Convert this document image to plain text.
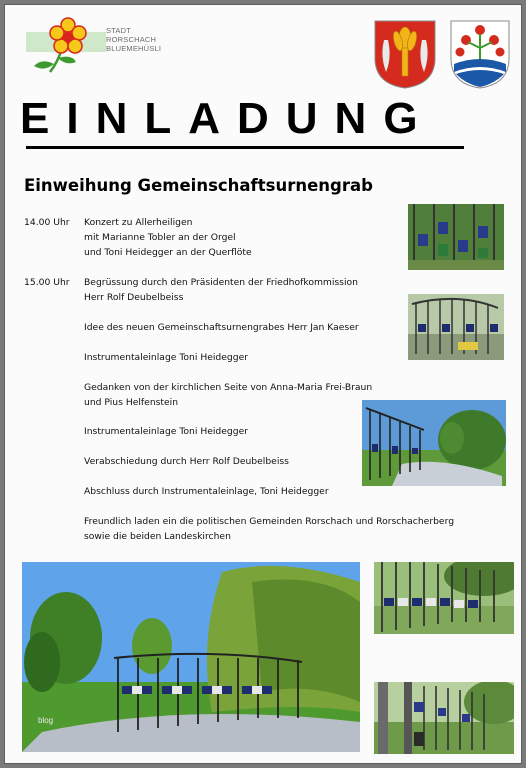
STADT
RORSCHACH
BLUEMEHÜSLI
EINLADUNG
Einweihung Gemeinschaftsurnengrab
14.00 Uhr Konzert zu Allerheiligen
mit Marianne Tobler an der Orgel
und Toni Heidegger an der Querflöte
15.00 Uhr Begrüssung durch den Präsidenten der Friedhofkommission
Herr Rolf Deubelbeiss
Idee des neuen Gemeinschaftsurnengrabes Herr Jan Kaeser
Instrumentaleinlage Toni Heidegger
Gedanken von der kirchlichen Seite von Anna-Maria Frei-Braun
und Pius Helfenstein
Instrumentaleinlage Toni Heidegger
Verabschiedung durch Herr Rolf Deubelbeiss
Abschluss durch Instrumentaleinlage, Toni Heidegger
Freundlich laden ein die politischen Gemeinden Rorschach und Rorschacherberg
sowie die beiden Landeskirchen
blog
